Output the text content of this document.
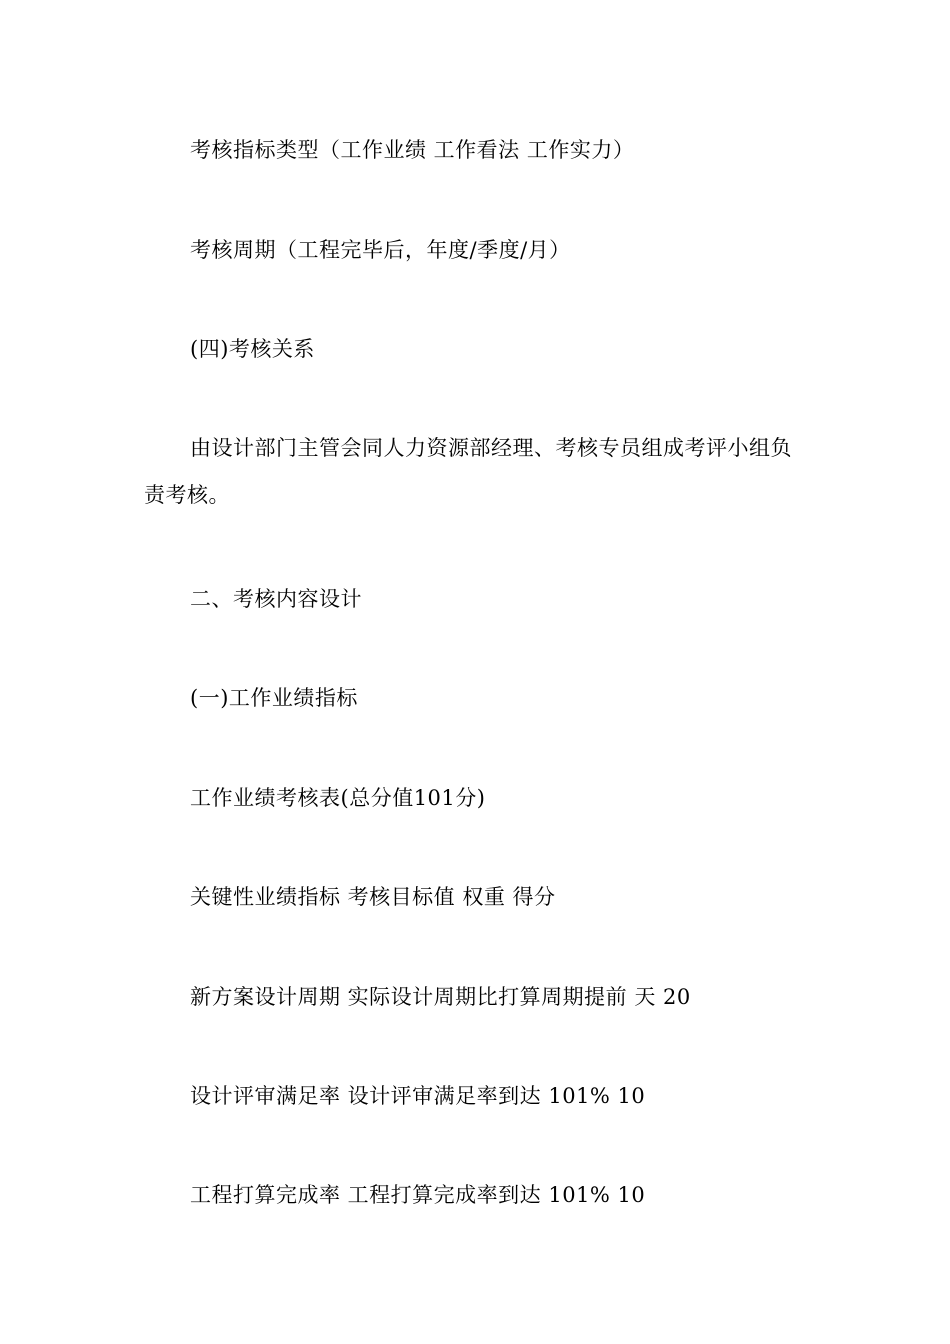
考核指标类型（工作业绩 工作看法 工作实力）

考核周期（工程完毕后，年度/季度/月）

(四)考核关系

由设计部门主管会同人力资源部经理、考核专员组成考评小组负责考核。

二、考核内容设计

(一)工作业绩指标

工作业绩考核表(总分值101分)

关键性业绩指标 考核目标值 权重 得分

新方案设计周期 实际设计周期比打算周期提前 天 20

设计评审满足率 设计评审满足率到达 101% 10

工程打算完成率 工程打算完成率到达 101% 10
